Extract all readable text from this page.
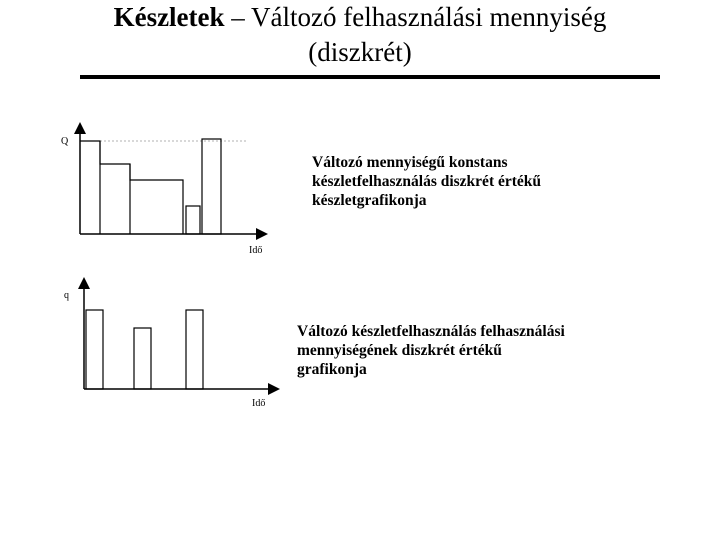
Készletek – Változó felhasználási mennyiség (diszkrét)
Q
Idő
q
Idő
Változó mennyiségű konstans
készletfelhasználás diszkrét értékű
készletgrafikonja
Változó készletfelhasználás felhasználási
mennyiségének diszkrét értékű
grafikonja
